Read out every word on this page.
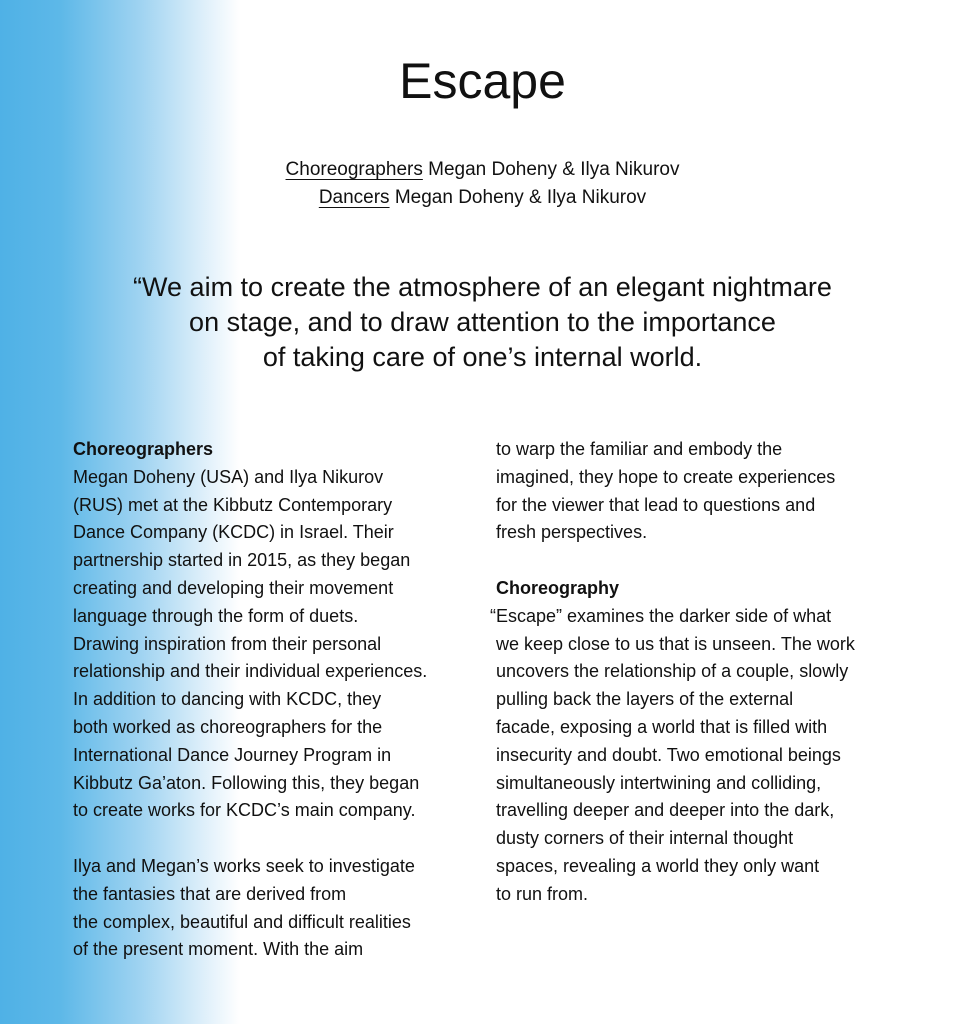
Escape
Choreographers Megan Doheny & Ilya Nikurov
Dancers Megan Doheny & Ilya Nikurov
“We aim to create the atmosphere of an elegant nightmare
on stage, and to draw attention to the importance
of taking care of one’s internal world.
Choreographers
Megan Doheny (USA) and Ilya Nikurov
(RUS) met at the Kibbutz Contemporary
Dance Company (KCDC) in Israel. Their
partnership started in 2015, as they began
creating and developing their movement
language through the form of duets.
Drawing inspiration from their personal
relationship and their individual experiences.
In addition to dancing with KCDC, they
both worked as choreographers for the
International Dance Journey Program in
Kibbutz Ga’aton. Following this, they began
to create works for KCDC’s main company.
Ilya and Megan’s works seek to investigate
the fantasies that are derived from
the complex, beautiful and difficult realities
of the present moment. With the aim
to warp the familiar and embody the
imagined, they hope to create experiences
for the viewer that lead to questions and
fresh perspectives.
Choreography
“Escape” examines the darker side of what
we keep close to us that is unseen. The work
uncovers the relationship of a couple, slowly
pulling back the layers of the external
facade, exposing a world that is filled with
insecurity and doubt. Two emotional beings
simultaneously intertwining and colliding,
travelling deeper and deeper into the dark,
dusty corners of their internal thought
spaces, revealing a world they only want
to run from.
